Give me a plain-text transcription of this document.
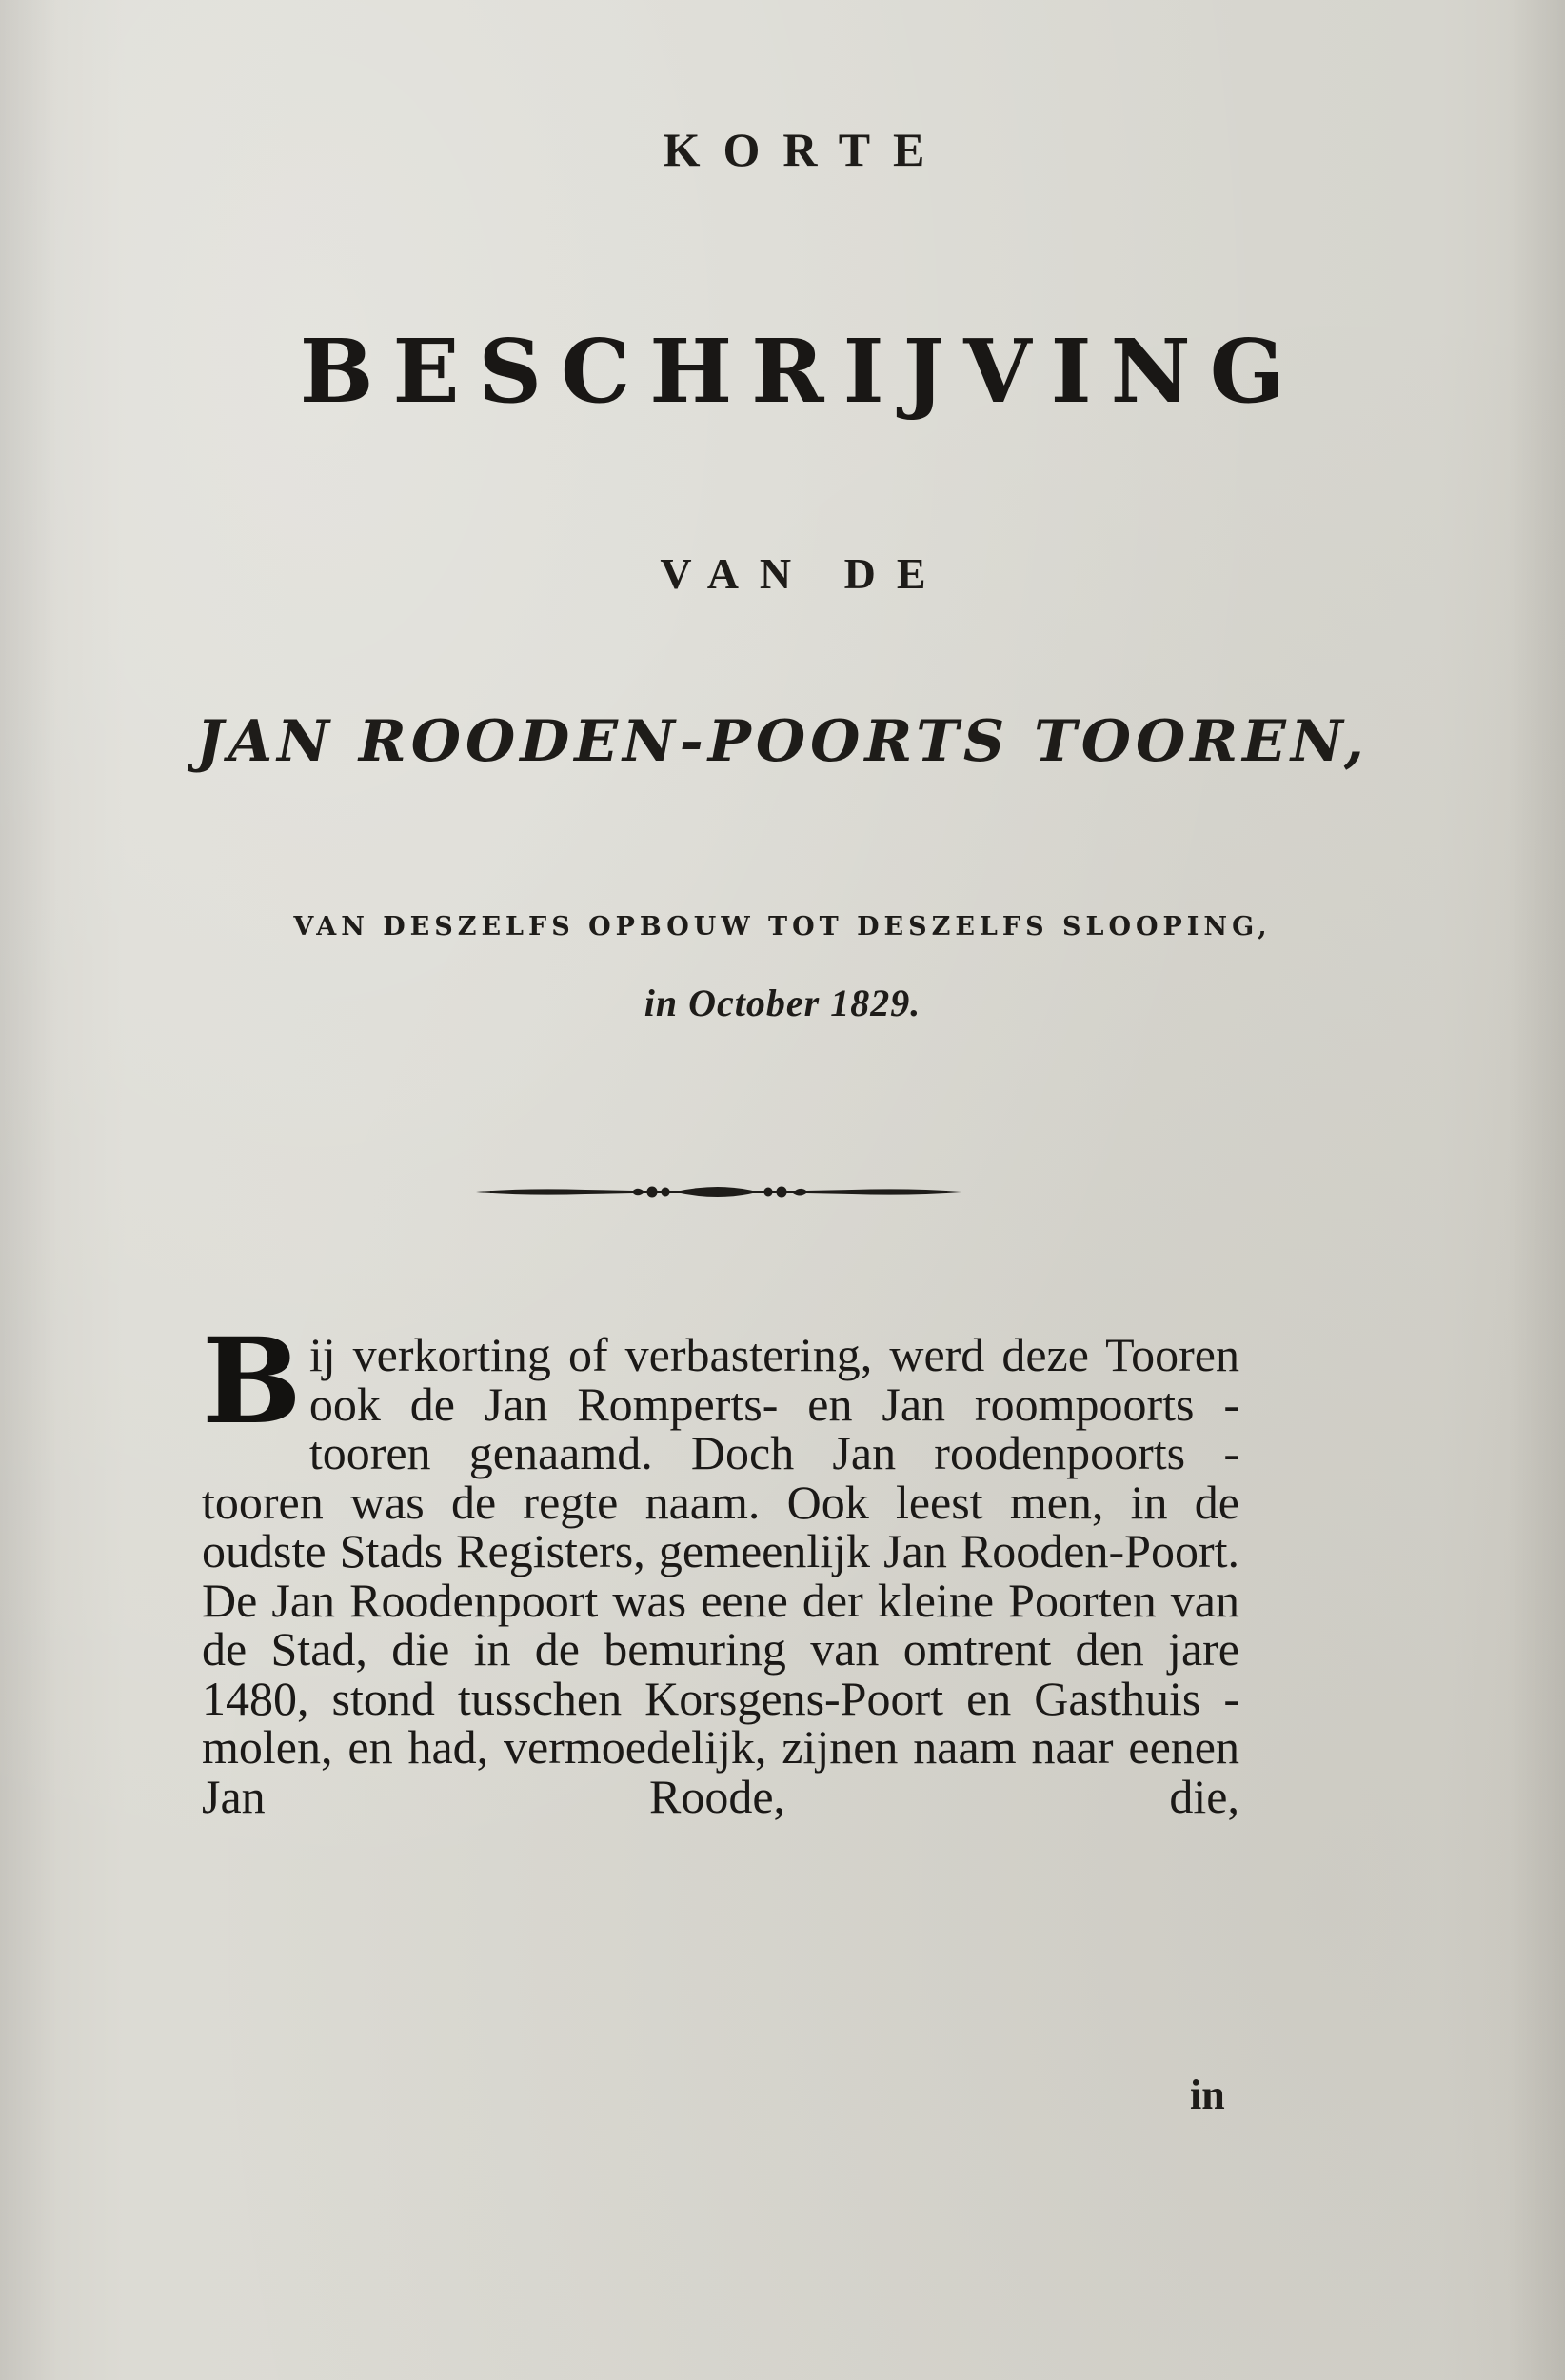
KORTE
BESCHRIJVING
VAN DE
JAN ROODEN-POORTS TOOREN,
VAN DESZELFS OPBOUW TOT DESZELFS SLOOPING,
in October 1829.

Bij verkorting of verbastering, werd deze Tooren ook de Jan Romperts- en Jan roompoorts - tooren genaamd. Doch Jan roodenpoorts - tooren was de regte naam. Ook leest men, in de oudste Stads Registers, gemeenlijk Jan Rooden-Poort. De Jan Roodenpoort was eene der kleine Poorten van de Stad, die in de bemuring van omtrent den jare 1480, stond tusschen Korsgens-Poort en Gasthuis - molen, en had, vermoedelijk, zijnen naam naar eenen Jan Roode, die,

in
